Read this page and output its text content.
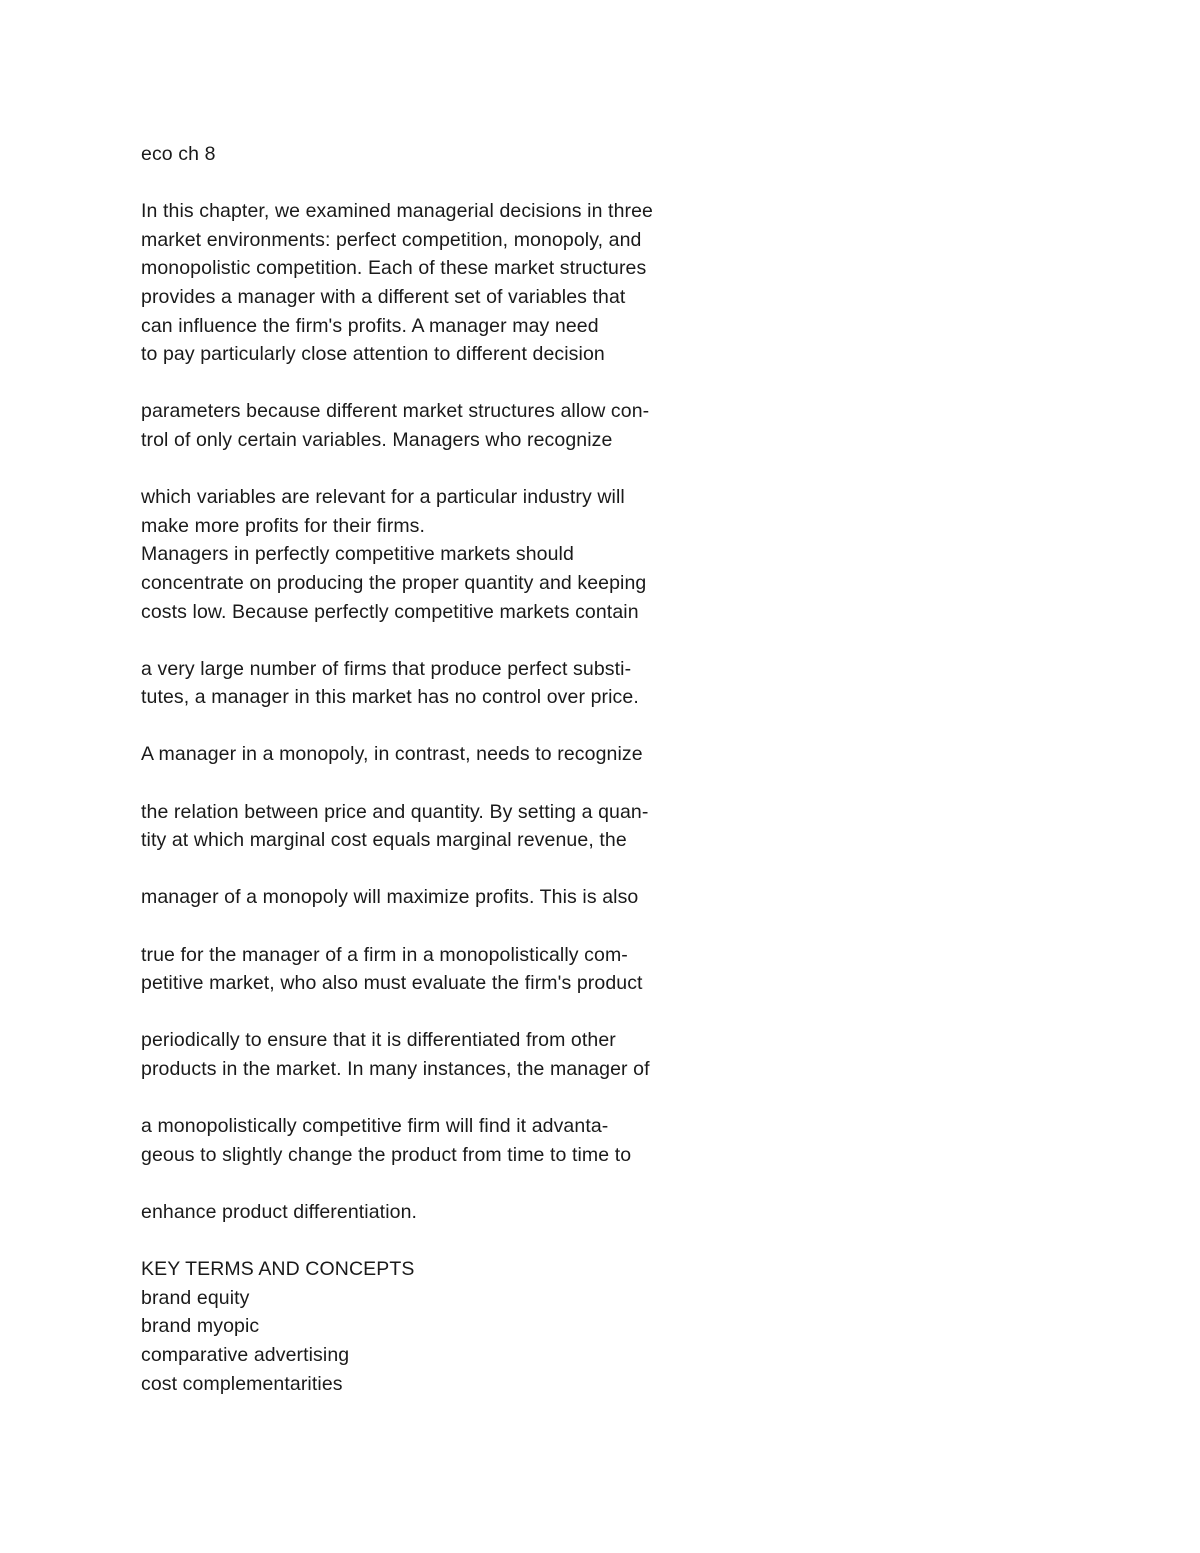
eco ch 8
In this chapter, we examined managerial decisions in three
market environments: perfect competition, monopoly, and
monopolistic competition. Each of these market structures
provides a manager with a different set of variables that
can influence the firm's profits. A manager may need
to pay particularly close attention to different decision
parameters because different market structures allow con-
trol of only certain variables. Managers who recognize
which variables are relevant for a particular industry will
make more profits for their firms.
Managers in perfectly competitive markets should
concentrate on producing the proper quantity and keeping
costs low. Because perfectly competitive markets contain
a very large number of firms that produce perfect substi-
tutes, a manager in this market has no control over price.
A manager in a monopoly, in contrast, needs to recognize
the relation between price and quantity. By setting a quan-
tity at which marginal cost equals marginal revenue, the
manager of a monopoly will maximize profits. This is also
true for the manager of a firm in a monopolistically com-
petitive market, who also must evaluate the firm's product
periodically to ensure that it is differentiated from other
products in the market. In many instances, the manager of
a monopolistically competitive firm will find it advanta-
geous to slightly change the product from time to time to
enhance product differentiation.
KEY TERMS AND CONCEPTS
brand equity
brand myopic
comparative advertising
cost complementarities
